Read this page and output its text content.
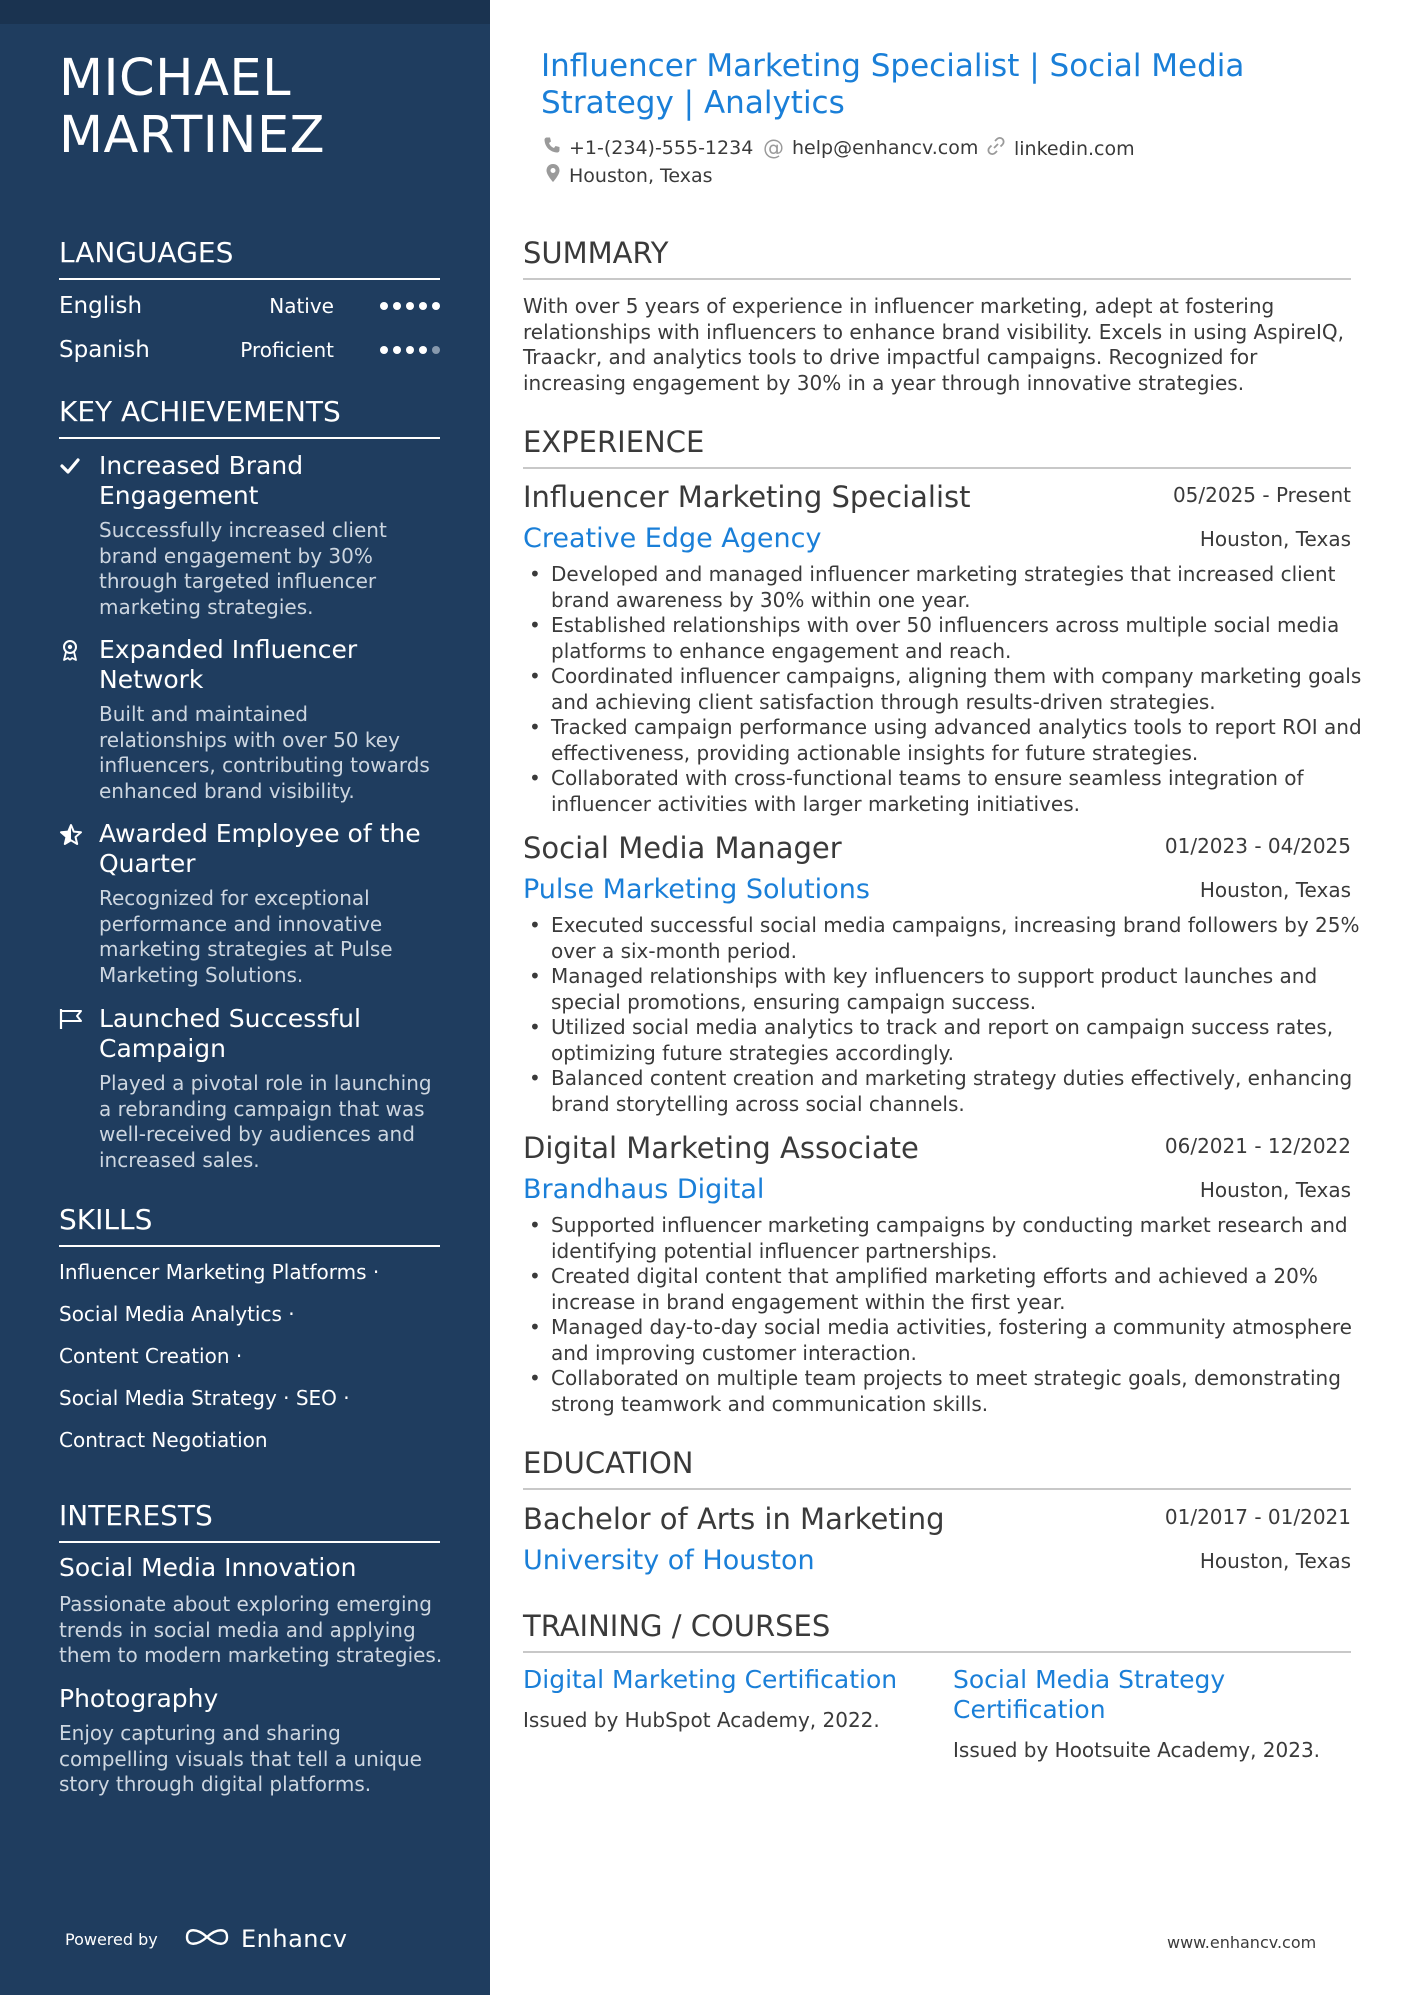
MICHAEL
MARTINEZ
LANGUAGES
English	Native
Spanish	Proficient
KEY ACHIEVEMENTS
Increased Brand Engagement
Successfully increased client brand engagement by 30% through targeted influencer marketing strategies.
Expanded Influencer Network
Built and maintained relationships with over 50 key influencers, contributing towards enhanced brand visibility.
Awarded Employee of the Quarter
Recognized for exceptional performance and innovative marketing strategies at Pulse Marketing Solutions.
Launched Successful Campaign
Played a pivotal role in launching a rebranding campaign that was well-received by audiences and increased sales.
SKILLS
Influencer Marketing Platforms ·
Social Media Analytics ·
Content Creation ·
Social Media Strategy · SEO ·
Contract Negotiation
INTERESTS
Social Media Innovation
Passionate about exploring emerging trends in social media and applying them to modern marketing strategies.
Photography
Enjoy capturing and sharing compelling visuals that tell a unique story through digital platforms.
Powered by	Enhancv
Influencer Marketing Specialist | Social Media Strategy | Analytics
+1-(234)-555-1234 @ help@enhancv.com linkedin.com
Houston, Texas
SUMMARY
With over 5 years of experience in influencer marketing, adept at fostering relationships with influencers to enhance brand visibility. Excels in using AspireIQ, Traackr, and analytics tools to drive impactful campaigns. Recognized for increasing engagement by 30% in a year through innovative strategies.
EXPERIENCE
Influencer Marketing Specialist	05/2025 - Present
Creative Edge Agency	Houston, Texas
• Developed and managed influencer marketing strategies that increased client brand awareness by 30% within one year.
• Established relationships with over 50 influencers across multiple social media platforms to enhance engagement and reach.
• Coordinated influencer campaigns, aligning them with company marketing goals and achieving client satisfaction through results-driven strategies.
• Tracked campaign performance using advanced analytics tools to report ROI and effectiveness, providing actionable insights for future strategies.
• Collaborated with cross-functional teams to ensure seamless integration of influencer activities with larger marketing initiatives.
Social Media Manager	01/2023 - 04/2025
Pulse Marketing Solutions	Houston, Texas
• Executed successful social media campaigns, increasing brand followers by 25% over a six-month period.
• Managed relationships with key influencers to support product launches and special promotions, ensuring campaign success.
• Utilized social media analytics to track and report on campaign success rates, optimizing future strategies accordingly.
• Balanced content creation and marketing strategy duties effectively, enhancing brand storytelling across social channels.
Digital Marketing Associate	06/2021 - 12/2022
Brandhaus Digital	Houston, Texas
• Supported influencer marketing campaigns by conducting market research and identifying potential influencer partnerships.
• Created digital content that amplified marketing efforts and achieved a 20% increase in brand engagement within the first year.
• Managed day-to-day social media activities, fostering a community atmosphere and improving customer interaction.
• Collaborated on multiple team projects to meet strategic goals, demonstrating strong teamwork and communication skills.
EDUCATION
Bachelor of Arts in Marketing	01/2017 - 01/2021
University of Houston	Houston, Texas
TRAINING / COURSES
Digital Marketing Certification
Issued by HubSpot Academy, 2022.
Social Media Strategy Certification
Issued by Hootsuite Academy, 2023.
www.enhancv.com
